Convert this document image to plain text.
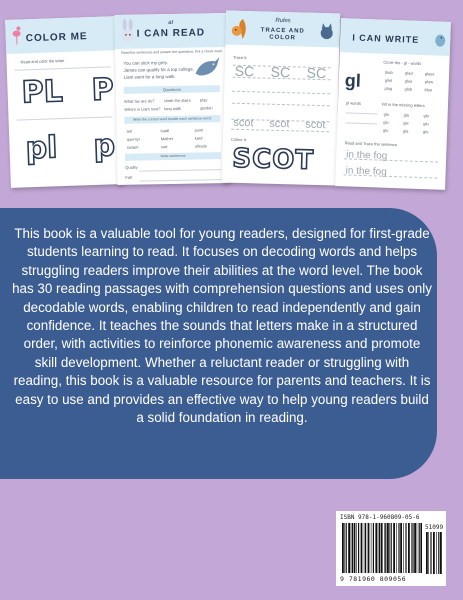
COLOR ME
Read and color the letter
PL P
pl p
at
I CAN READ
Read the sentences and answer the questions. Put a check mark.
You can stick my grey.
James can qualify for a top college.
Liam went for a long walk.
Questions
What fax are do? climb the stairs play
Where is Liam now? long walk	garden
Write the correct word beside each sentence word.
tell	loadl	point
quentyl	Mother	kard
swtam	sort	ultrady
Write sentences
Quality
Fall
Rules
TRACE AND COLOR
Trace it:
SC SC SC
scot scot scot
Colour it:
SCOT
I CAN WRITE
gl
Circle the - gl - words
blob	glad	glass
glint	glue	plow
plug	glob	blue
pl words	Fill in the missing letters
glo	gla	glu
glo	gle	glu
glu	gla	glo
Read and Trace the sentence
in the fog
in the fog

This book is a valuable tool for young readers, designed for first-grade students learning to read. It focuses on decoding words and helps struggling readers improve their abilities at the word level. The book has 30 reading passages with comprehension questions and uses only decodable words, enabling children to read independently and gain confidence. It teaches the sounds that letters make in a structured order, with activities to reinforce phonemic awareness and promote skill development. Whether a reluctant reader or struggling with reading, this book is a valuable resource for parents and teachers. It is easy to use and provides an effective way to help young readers build a solid foundation in reading.

ISBN 978-1-960809-05-6
51099
9 781960 809056
